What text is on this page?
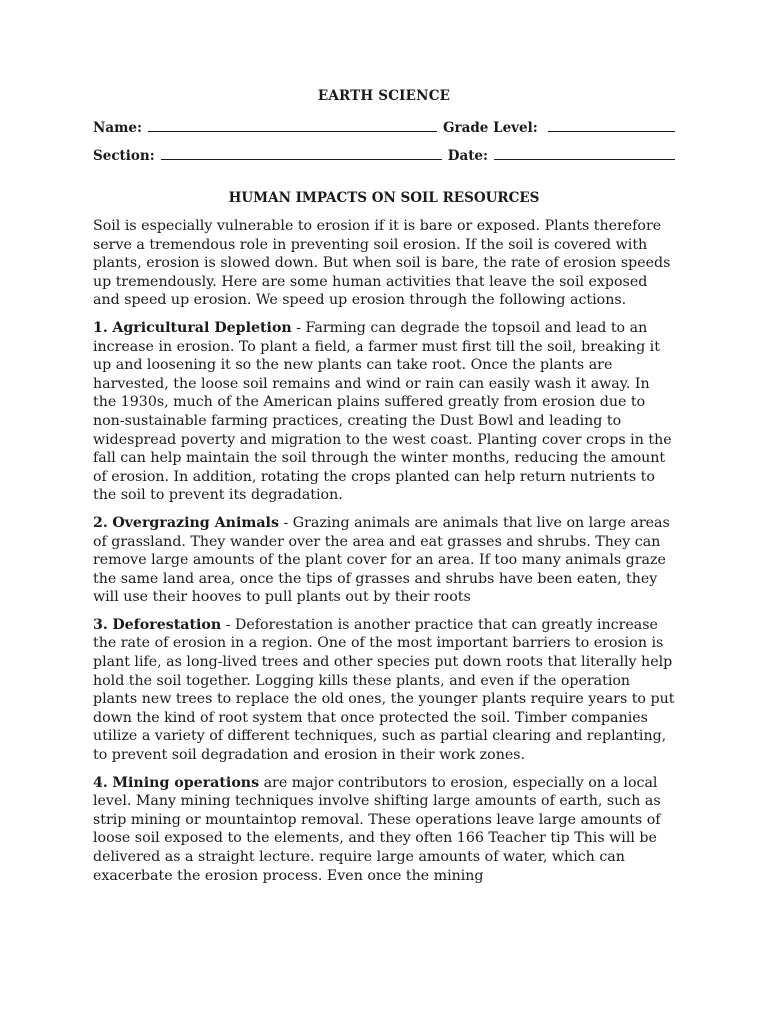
EARTH SCIENCE
Name:	Grade Level:
Section:	Date:
HUMAN IMPACTS ON SOIL RESOURCES

Soil is especially vulnerable to erosion if it is bare or exposed. Plants therefore serve a tremendous role in preventing soil erosion. If the soil is covered with plants, erosion is slowed down. But when soil is bare, the rate of erosion speeds up tremendously. Here are some human activities that leave the soil exposed and speed up erosion. We speed up erosion through the following actions.

1. Agricultural Depletion - Farming can degrade the topsoil and lead to an increase in erosion. To plant a field, a farmer must first till the soil, breaking it up and loosening it so the new plants can take root. Once the plants are harvested, the loose soil remains and wind or rain can easily wash it away. In the 1930s, much of the American plains suffered greatly from erosion due to non-sustainable farming practices, creating the Dust Bowl and leading to widespread poverty and migration to the west coast. Planting cover crops in the fall can help maintain the soil through the winter months, reducing the amount of erosion. In addition, rotating the crops planted can help return nutrients to the soil to prevent its degradation.

2. Overgrazing Animals - Grazing animals are animals that live on large areas of grassland. They wander over the area and eat grasses and shrubs. They can remove large amounts of the plant cover for an area. If too many animals graze the same land area, once the tips of grasses and shrubs have been eaten, they will use their hooves to pull plants out by their roots

3. Deforestation - Deforestation is another practice that can greatly increase the rate of erosion in a region. One of the most important barriers to erosion is plant life, as long-lived trees and other species put down roots that literally help hold the soil together. Logging kills these plants, and even if the operation plants new trees to replace the old ones, the younger plants require years to put down the kind of root system that once protected the soil. Timber companies utilize a variety of different techniques, such as partial clearing and replanting, to prevent soil degradation and erosion in their work zones.

4. Mining operations are major contributors to erosion, especially on a local level. Many mining techniques involve shifting large amounts of earth, such as strip mining or mountaintop removal. These operations leave large amounts of loose soil exposed to the elements, and they often 166 Teacher tip This will be delivered as a straight lecture. require large amounts of water, which can exacerbate the erosion process. Even once the mining
